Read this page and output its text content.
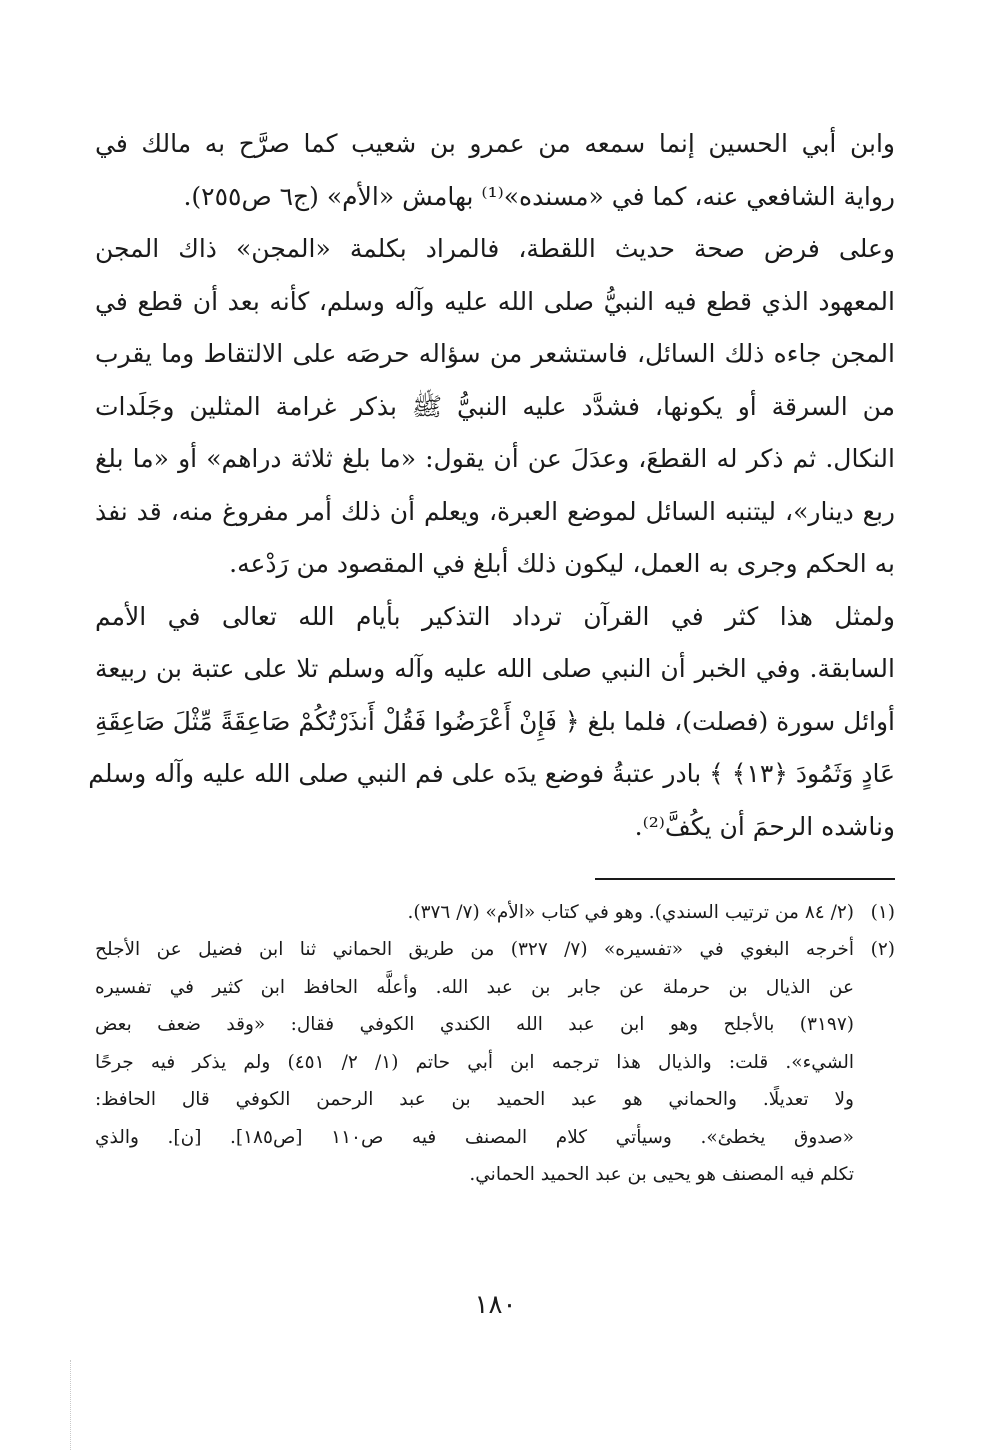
وابن أبي الحسين إنما سمعه من عمرو بن شعيب كما صرَّح به مالك في
رواية الشافعي عنه، كما في «مسنده»⁽¹⁾ بهامش «الأم» (ج٦ ص٢٥٥).
وعلى فرض صحة حديث اللقطة، فالمراد بكلمة «المجن» ذاك المجن
المعهود الذي قطع فيه النبيُّ صلى الله عليه وآله وسلم، كأنه بعد أن قطع في
المجن جاءه ذلك السائل، فاستشعر من سؤاله حرصَه على الالتقاط وما يقرب
من السرقة أو يكونها، فشدَّد عليه النبيُّ ﷺ بذكر غرامة المثلين وجَلَدات
النكال. ثم ذكر له القطعَ، وعدَلَ عن أن يقول: «ما بلغ ثلاثة دراهم» أو «ما بلغ
ربع دينار»، ليتنبه السائل لموضع العبرة، ويعلم أن ذلك أمر مفروغ منه، قد نفذ
به الحكم وجرى به العمل، ليكون ذلك أبلغ في المقصود من رَدْعه.
ولمثل هذا كثر في القرآن ترداد التذكير بأيام الله تعالى في الأمم
السابقة. وفي الخبر أن النبي صلى الله عليه وآله وسلم تلا على عتبة بن ربيعة
أوائل سورة (فصلت)، فلما بلغ ﴿ فَإِنْ أَعْرَضُوا فَقُلْ أَنذَرْتُكُمْ صَاعِقَةً مِّثْلَ صَاعِقَةِ
عَادٍ وَثَمُودَ ﴿١٣﴾ ﴾ بادر عتبةُ فوضع يدَه على فم النبي صلى الله عليه وآله وسلم
وناشده الرحمَ أن يكُفَّ⁽²⁾.
(١)(٢/ ٨٤ من ترتيب السندي). وهو في كتاب «الأم» (٧/ ٣٧٦).
(٢)أخرجه البغوي في «تفسيره» (٧/ ٣٢٧) من طريق الحماني ثنا ابن فضيل عن الأجلح
عن الذيال بن حرملة عن جابر بن عبد الله. وأعلَّه الحافظ ابن كثير في تفسيره
(٣١٩٧) بالأجلح وهو ابن عبد الله الكندي الكوفي فقال: «وقد ضعف بعض
الشيء». قلت: والذيال هذا ترجمه ابن أبي حاتم (١/ ٢/ ٤٥١) ولم يذكر فيه جرحًا
ولا تعديلًا. والحماني هو عبد الحميد بن عبد الرحمن الكوفي قال الحافظ:
«صدوق يخطئ». وسيأتي كلام المصنف فيه ص١١٠ [ص١٨٥]. [ن]. والذي
تكلم فيه المصنف هو يحيى بن عبد الحميد الحماني.
١٨٠
